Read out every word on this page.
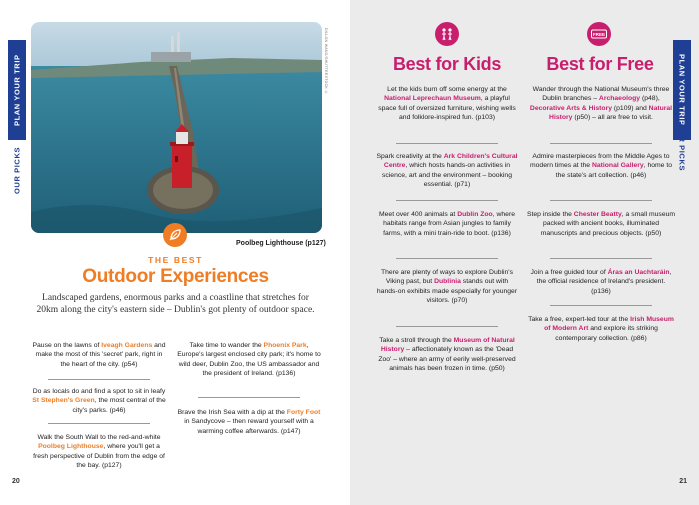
PLAN YOUR TRIP
OUR PICKS
DILLON WANG/SHUTTERSTOCK ©
Poolbeg Lighthouse (p127)
THE BEST
Outdoor Experiences
Landscaped gardens, enormous parks and a coastline that stretches for 20km along the city's eastern side – Dublin's got plenty of outdoor space.
Pause on the lawns of Iveagh Gardens and make the most of this 'secret' park, right in the heart of the city. (p54)
Do as locals do and find a spot to sit in leafy St Stephen's Green, the most central of the city's parks. (p46)
Walk the South Wall to the red-and-white Poolbeg Lighthouse, where you'll get a fresh perspective of Dublin from the edge of the bay. (p127)
Take time to wander the Phoenix Park, Europe's largest enclosed city park; it's home to wild deer, Dublin Zoo, the US ambassador and the president of Ireland. (p136)
Brave the Irish Sea with a dip at the Forty Foot in Sandycove – then reward yourself with a warming coffee afterwards. (p147)
20
PLAN YOUR TRIP
OUR PICKS
FREE
Best for Kids	Best for Free
Let the kids burn off some energy at the National Leprechaun Museum, a playful space full of oversized furniture, wishing wells and folklore-inspired fun. (p103)
Spark creativity at the Ark Children's Cultural Centre, which hosts hands-on activities in science, art and the environment – booking essential. (p71)
Meet over 400 animals at Dublin Zoo, where habitats range from Asian jungles to family farms, with a mini train-ride to boot. (p136)
There are plenty of ways to explore Dublin's Viking past, but Dublinia stands out with hands-on exhibits made especially for younger visitors. (p70)
Take a stroll through the Museum of Natural History – affectionately known as the 'Dead Zoo' – where an army of eerily well-preserved animals has been frozen in time. (p50)
Wander through the National Museum's three Dublin branches – Archaeology (p48), Decorative Arts & History (p109) and Natural History (p50) – all are free to visit.
Admire masterpieces from the Middle Ages to modern times at the National Gallery, home to the state's art collection. (p46)
Step inside the Chester Beatty, a small museum packed with ancient books, illuminated manuscripts and precious objects. (p50)
Join a free guided tour of Áras an Uachtaráin, the official residence of Ireland's president. (p136)
Take a free, expert-led tour at the Irish Museum of Modern Art and explore its striking contemporary collection. (p86)
21
